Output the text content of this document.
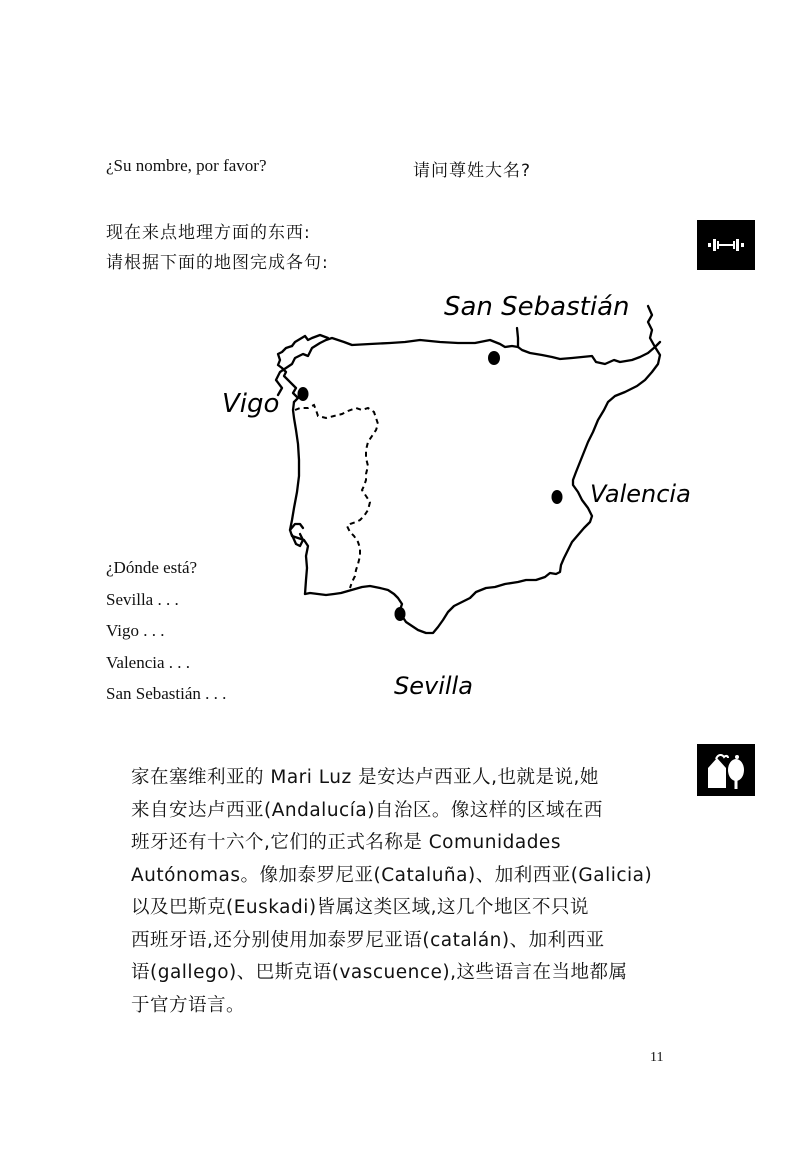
¿Su nombre, por favor?	请问尊姓大名?
现在来点地理方面的东西:
请根据下面的地图完成各句:
San Sebastián
Vigo
Valencia
Sevilla
¿Dónde está?
Sevilla . . .
Vigo . . .
Valencia . . .
San Sebastián . . .
家在塞维利亚的 Mari Luz 是安达卢西亚人,也就是说,她
来自安达卢西亚(Andalucía)自治区。像这样的区域在西
班牙还有十六个,它们的正式名称是 Comunidades
Autónomas。像加泰罗尼亚(Cataluña)、加利西亚(Galicia)
以及巴斯克(Euskadi)皆属这类区域,这几个地区不只说
西班牙语,还分别使用加泰罗尼亚语(catalán)、加利西亚
语(gallego)、巴斯克语(vascuence),这些语言在当地都属
于官方语言。
11
